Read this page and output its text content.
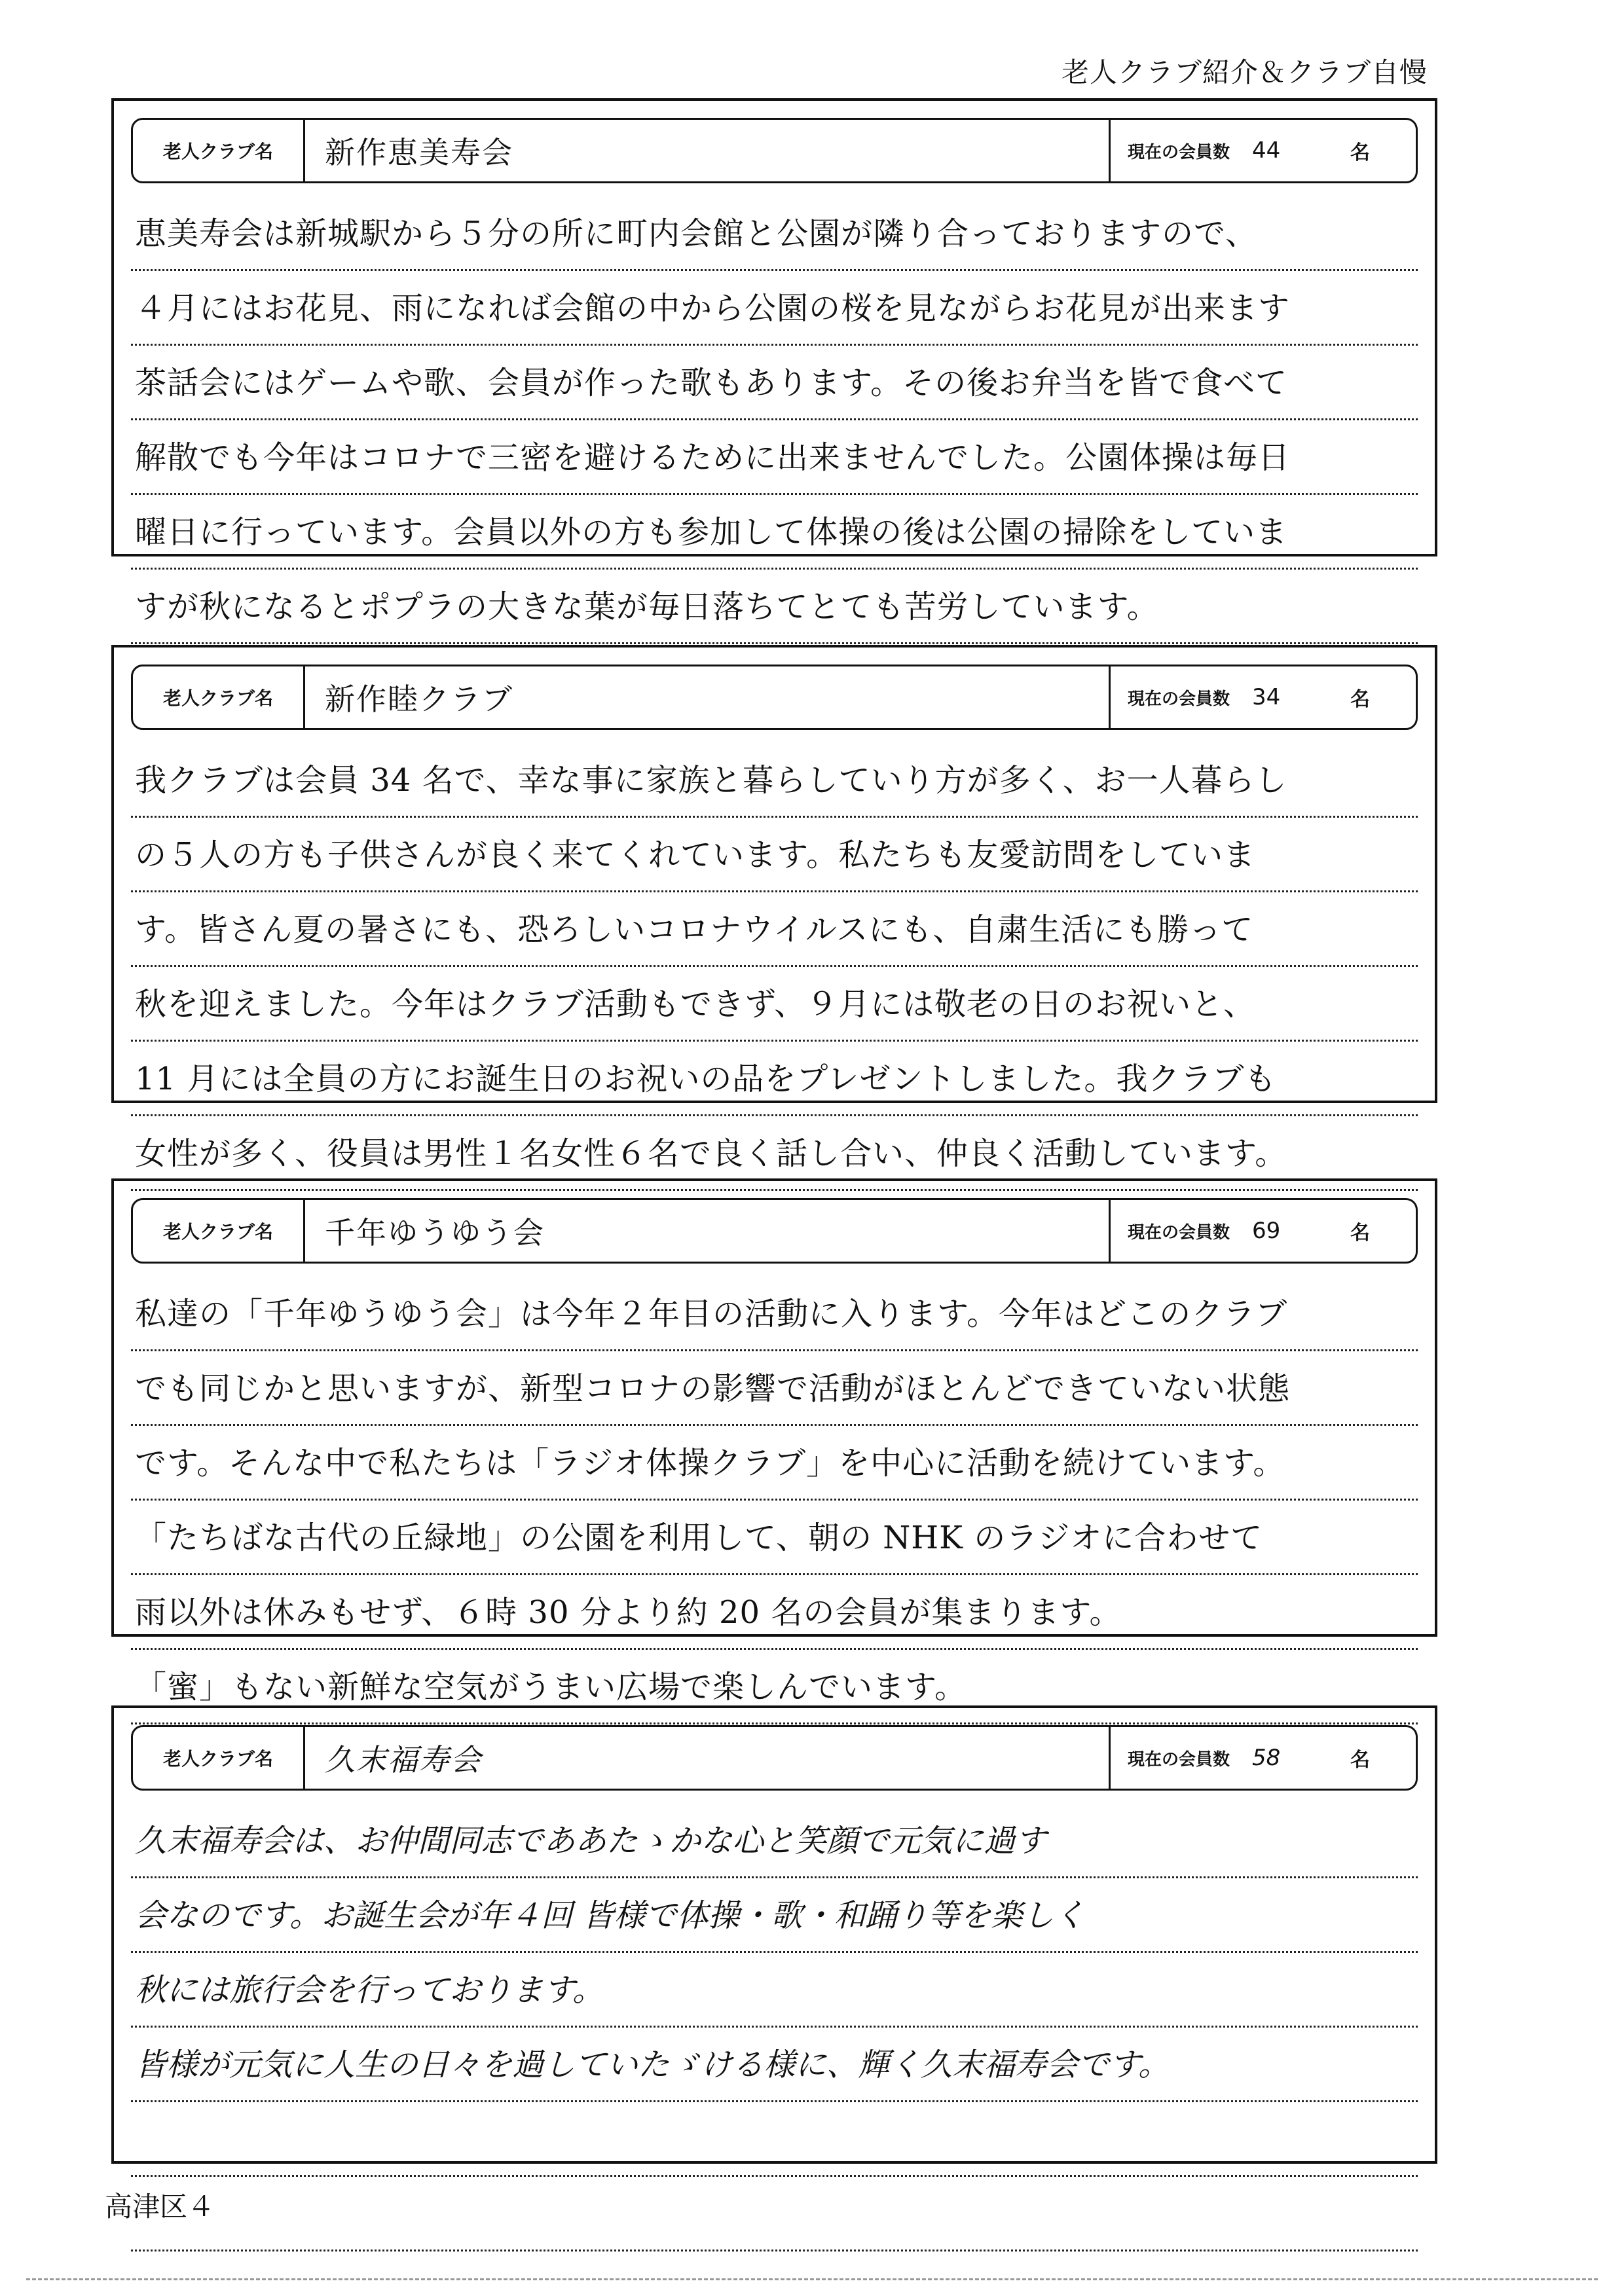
老人クラブ紹介＆クラブ自慢
老人クラブ名	新作恵美寿会	現在の会員数 44	名
恵美寿会は新城駅から５分の所に町内会館と公園が隣り合っておりますので、
４月にはお花見、雨になれば会館の中から公園の桜を見ながらお花見が出来ます
茶話会にはゲームや歌、会員が作った歌もあります。その後お弁当を皆で食べて
解散でも今年はコロナで三密を避けるために出来ませんでした。公園体操は毎日
曜日に行っています。会員以外の方も参加して体操の後は公園の掃除をしていま
すが秋になるとポプラの大きな葉が毎日落ちてとても苦労しています。
老人クラブ名	新作睦クラブ	現在の会員数 34	名
我クラブは会員 34 名で、幸な事に家族と暮らしていり方が多く、お一人暮らし
の５人の方も子供さんが良く来てくれています。私たちも友愛訪問をしていま
す。皆さん夏の暑さにも、恐ろしいコロナウイルスにも、自粛生活にも勝って
秋を迎えました。今年はクラブ活動もできず、９月には敬老の日のお祝いと、
11 月には全員の方にお誕生日のお祝いの品をプレゼントしました。我クラブも
女性が多く、役員は男性１名女性６名で良く話し合い、仲良く活動しています。
老人クラブ名	千年ゆうゆう会	現在の会員数 69	名
私達の「千年ゆうゆう会」は今年２年目の活動に入ります。今年はどこのクラブ
でも同じかと思いますが、新型コロナの影響で活動がほとんどできていない状態
です。そんな中で私たちは「ラジオ体操クラブ」を中心に活動を続けています。
「たちばな古代の丘緑地」の公園を利用して、朝の NHK のラジオに合わせて
雨以外は休みもせず、６時 30 分より約 20 名の会員が集まります。
「蜜」もない新鮮な空気がうまい広場で楽しんでいます。
老人クラブ名	久末福寿会	現在の会員数 58	名
久末福寿会は、お仲間同志でああたゝかな心と笑顔で元気に過す
会なのです。お誕生会が年４回 皆様で体操・歌・和踊り等を楽しく
秋には旅行会を行っております。
皆様が元気に人生の日々を過していたゞける様に、輝く久末福寿会です。
高津区４
